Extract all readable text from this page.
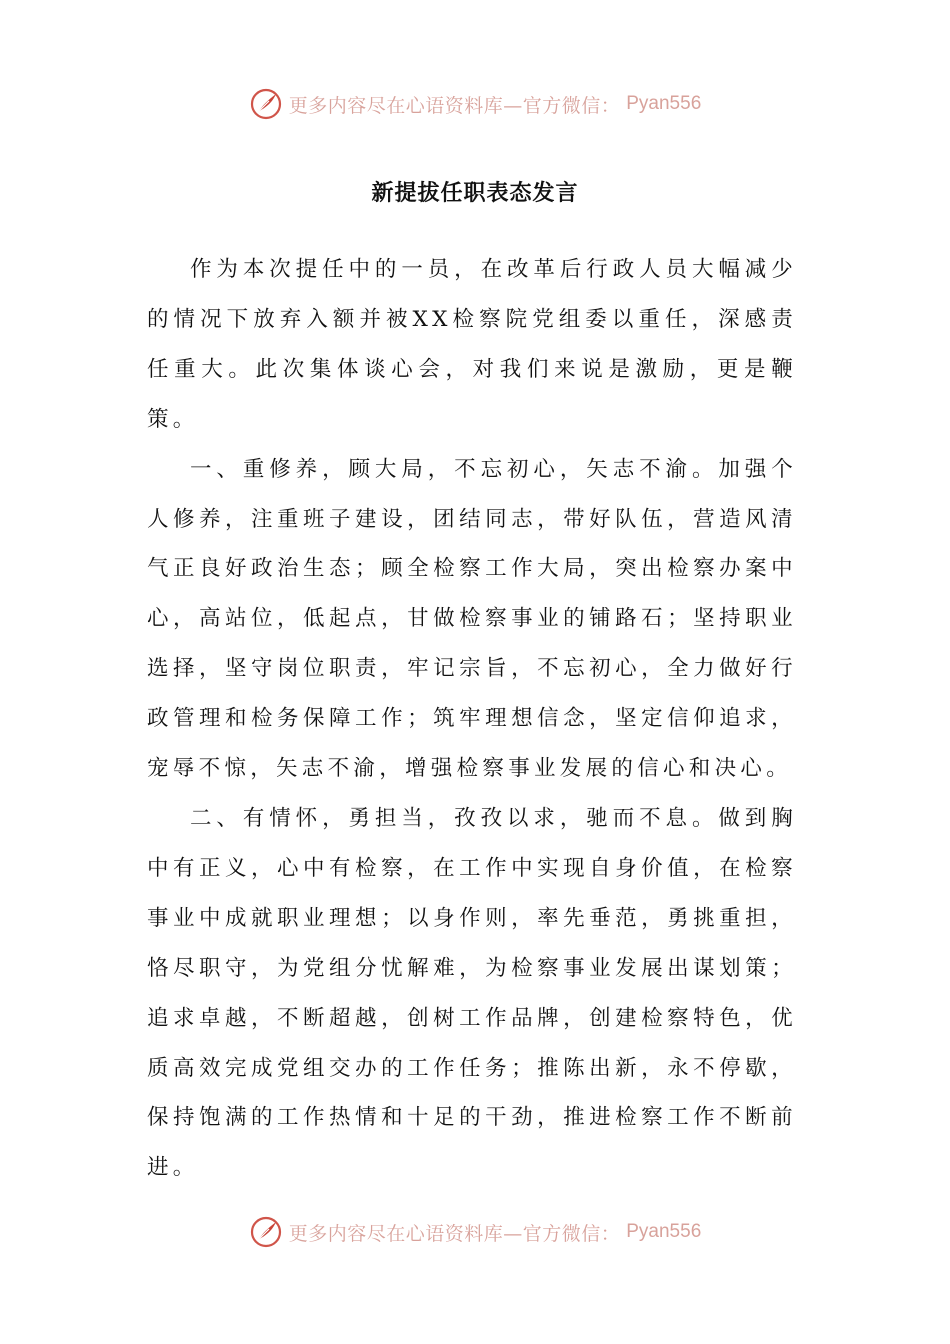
更多内容尽在心语资料库—官方微信： Pyan556
新提拔任职表态发言

作为本次提任中的一员，在改革后行政人员大幅减少的情况下放弃入额并被XX检察院党组委以重任，深感责任重大。此次集体谈心会，对我们来说是激励，更是鞭策。

一、重修养，顾大局，不忘初心，矢志不渝。加强个人修养，注重班子建设，团结同志，带好队伍，营造风清气正良好政治生态；顾全检察工作大局，突出检察办案中心，高站位，低起点，甘做检察事业的铺路石；坚持职业选择，坚守岗位职责，牢记宗旨，不忘初心，全力做好行政管理和检务保障工作；筑牢理想信念，坚定信仰追求，宠辱不惊，矢志不渝，增强检察事业发展的信心和决心。

二、有情怀，勇担当，孜孜以求，驰而不息。做到胸中有正义，心中有检察，在工作中实现自身价值，在检察事业中成就职业理想；以身作则，率先垂范，勇挑重担，恪尽职守，为党组分忧解难，为检察事业发展出谋划策；追求卓越，不断超越，创树工作品牌，创建检察特色，优质高效完成党组交办的工作任务；推陈出新，永不停歇，保持饱满的工作热情和十足的干劲，推进检察工作不断前进。

更多内容尽在心语资料库—官方微信： Pyan556
